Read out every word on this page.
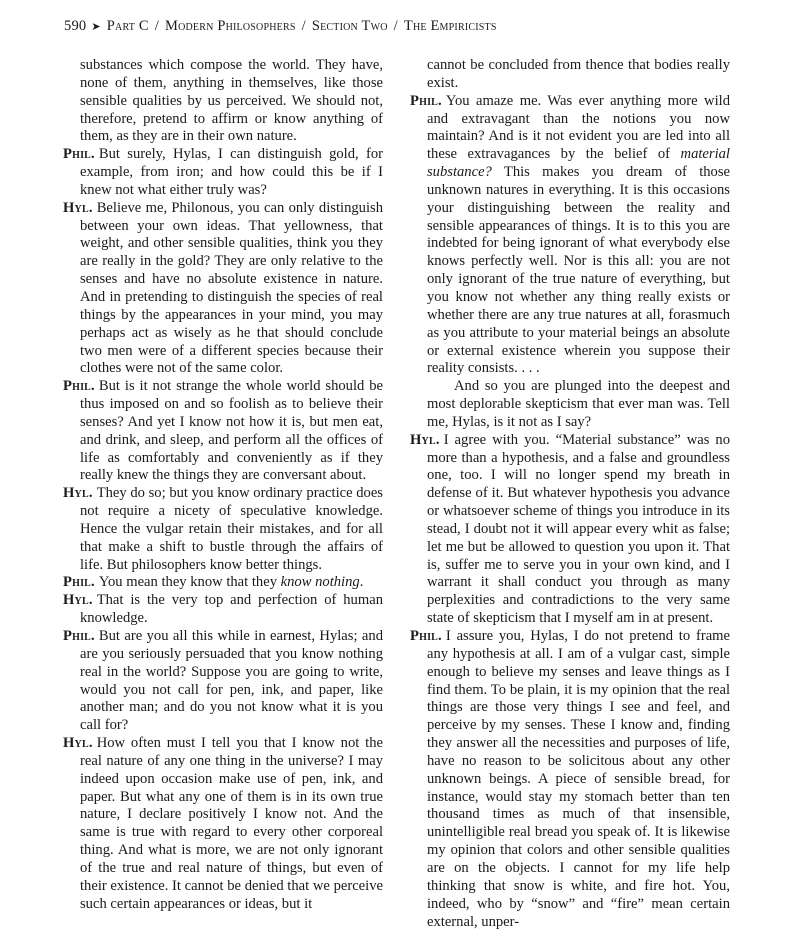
590 ➤ Part C / Modern Philosophers / Section Two / The Empiricists

substances which compose the world. They have, none of them, anything in themselves, like those sensible qualities by us perceived. We should not, therefore, pretend to affirm or know anything of them, as they are in their own nature.

Phil. But surely, Hylas, I can distinguish gold, for example, from iron; and how could this be if I knew not what either truly was?

Hyl. Believe me, Philonous, you can only distinguish between your own ideas. That yellowness, that weight, and other sensible qualities, think you they are really in the gold? They are only relative to the senses and have no absolute existence in nature. And in pretending to distinguish the species of real things by the appearances in your mind, you may perhaps act as wisely as he that should conclude two men were of a different species because their clothes were not of the same color.

Phil. But is it not strange the whole world should be thus imposed on and so foolish as to believe their senses? And yet I know not how it is, but men eat, and drink, and sleep, and perform all the offices of life as comfortably and conveniently as if they really knew the things they are conversant about.

Hyl. They do so; but you know ordinary practice does not require a nicety of speculative knowledge. Hence the vulgar retain their mistakes, and for all that make a shift to bustle through the affairs of life. But philosophers know better things.

Phil. You mean they know that they know nothing.

Hyl. That is the very top and perfection of human knowledge.

Phil. But are you all this while in earnest, Hylas; and are you seriously persuaded that you know nothing real in the world? Suppose you are going to write, would you not call for pen, ink, and paper, like another man; and do you not know what it is you call for?

Hyl. How often must I tell you that I know not the real nature of any one thing in the universe? I may indeed upon occasion make use of pen, ink, and paper. But what any one of them is in its own true nature, I declare positively I know not. And the same is true with regard to every other corporeal thing. And what is more, we are not only ignorant of the true and real nature of things, but even of their existence. It cannot be denied that we perceive such certain appearances or ideas, but it

cannot be concluded from thence that bodies really exist.

Phil. You amaze me. Was ever anything more wild and extravagant than the notions you now maintain? And is it not evident you are led into all these extravagances by the belief of material substance? This makes you dream of those unknown natures in everything. It is this occasions your distinguishing between the reality and sensible appearances of things. It is to this you are indebted for being ignorant of what everybody else knows perfectly well. Nor is this all: you are not only ignorant of the true nature of everything, but you know not whether any thing really exists or whether there are any true natures at all, forasmuch as you attribute to your material beings an absolute or external existence wherein you suppose their reality consists. . . .

And so you are plunged into the deepest and most deplorable skepticism that ever man was. Tell me, Hylas, is it not as I say?

Hyl. I agree with you. “Material substance” was no more than a hypothesis, and a false and groundless one, too. I will no longer spend my breath in defense of it. But whatever hypothesis you advance or whatsoever scheme of things you introduce in its stead, I doubt not it will appear every whit as false; let me but be allowed to question you upon it. That is, suffer me to serve you in your own kind, and I warrant it shall conduct you through as many perplexities and contradictions to the very same state of skepticism that I myself am in at present.

Phil. I assure you, Hylas, I do not pretend to frame any hypothesis at all. I am of a vulgar cast, simple enough to believe my senses and leave things as I find them. To be plain, it is my opinion that the real things are those very things I see and feel, and perceive by my senses. These I know and, finding they answer all the necessities and purposes of life, have no reason to be solicitous about any other unknown beings. A piece of sensible bread, for instance, would stay my stomach better than ten thousand times as much of that insensible, unintelligible real bread you speak of. It is likewise my opinion that colors and other sensible qualities are on the objects. I cannot for my life help thinking that snow is white, and fire hot. You, indeed, who by “snow” and “fire” mean certain external, unper-
